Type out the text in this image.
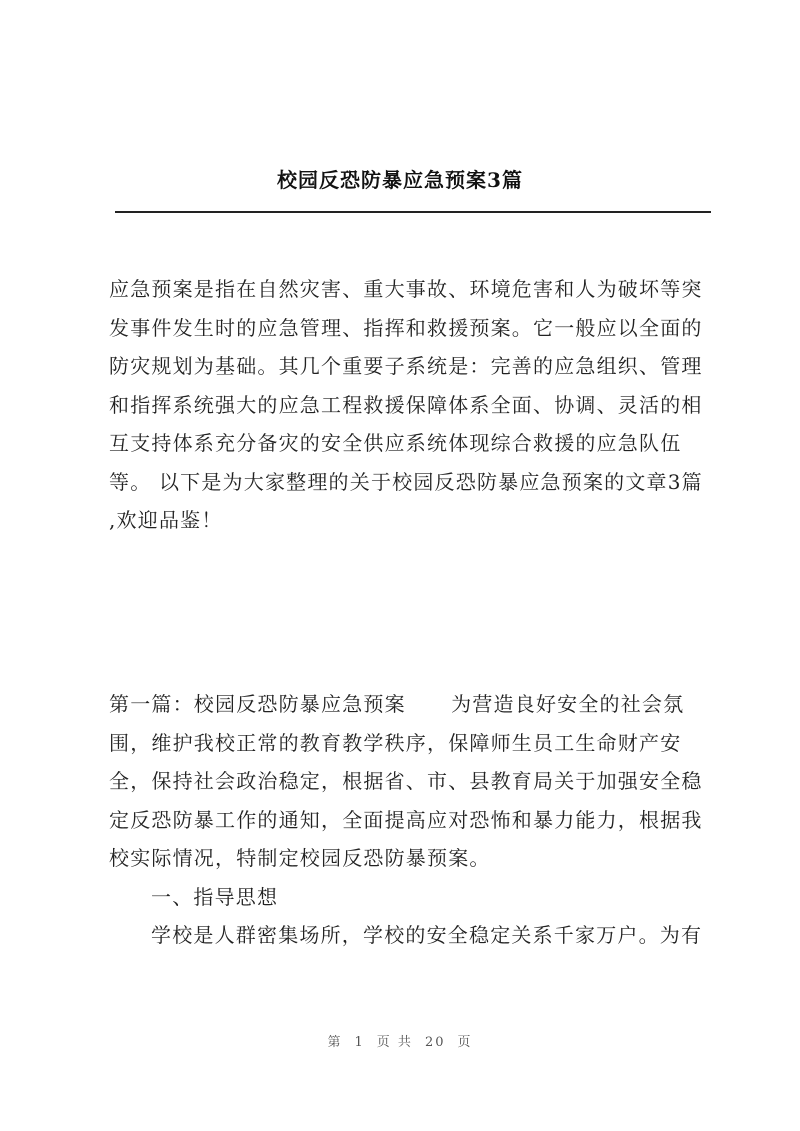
校园反恐防暴应急预案3篇

应急预案是指在自然灾害、重大事故、环境危害和人为破坏等突发事件发生时的应急管理、指挥和救援预案。它一般应以全面的防灾规划为基础。其几个重要子系统是：完善的应急组织、管理和指挥系统强大的应急工程救援保障体系全面、协调、灵活的相互支持体系充分备灾的安全供应系统体现综合救援的应急队伍等。 以下是为大家整理的关于校园反恐防暴应急预案的文章3篇 ,欢迎品鉴！

第一篇：校园反恐防暴应急预案      为营造良好安全的社会氛围，维护我校正常的教育教学秩序，保障师生员工生命财产安全，保持社会政治稳定，根据省、市、县教育局关于加强安全稳定反恐防暴工作的通知，全面提高应对恐怖和暴力能力，根据我校实际情况，特制定校园反恐防暴预案。

一、指导思想

学校是人群密集场所，学校的安全稳定关系千家万户。为有

第 1 页 共 20 页
